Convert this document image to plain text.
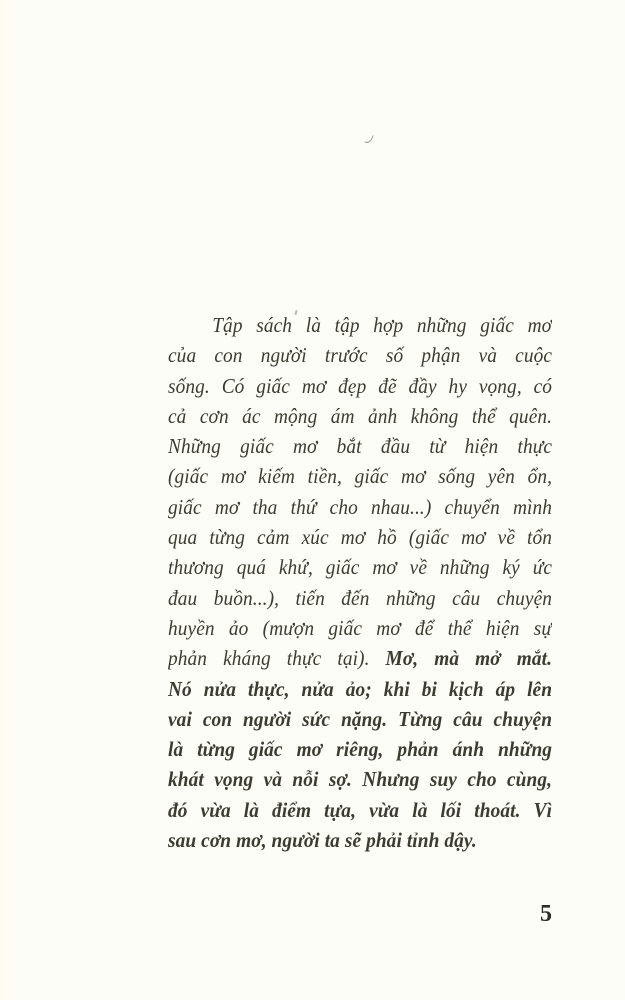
Tập sách là tập hợp những giấc mơ
của con người trước số phận và cuộc
sống. Có giấc mơ đẹp đẽ đầy hy vọng, có
cả cơn ác mộng ám ảnh không thể quên.
Những giấc mơ bắt đầu từ hiện thực
(giấc mơ kiếm tiền, giấc mơ sống yên ổn,
giấc mơ tha thứ cho nhau...) chuyển mình
qua từng cảm xúc mơ hồ (giấc mơ về tổn
thương quá khứ, giấc mơ về những ký ức
đau buồn...), tiến đến những câu chuyện
huyền ảo (mượn giấc mơ để thể hiện sự
phản kháng thực tại). Mơ, mà mở mắt.
Nó nửa thực, nửa ảo; khi bi kịch áp lên
vai con người sức nặng. Từng câu chuyện
là từng giấc mơ riêng, phản ánh những
khát vọng và nỗi sợ. Nhưng suy cho cùng,
đó vừa là điểm tựa, vừa là lối thoát. Vì
sau cơn mơ, người ta sẽ phải tỉnh dậy.
5
